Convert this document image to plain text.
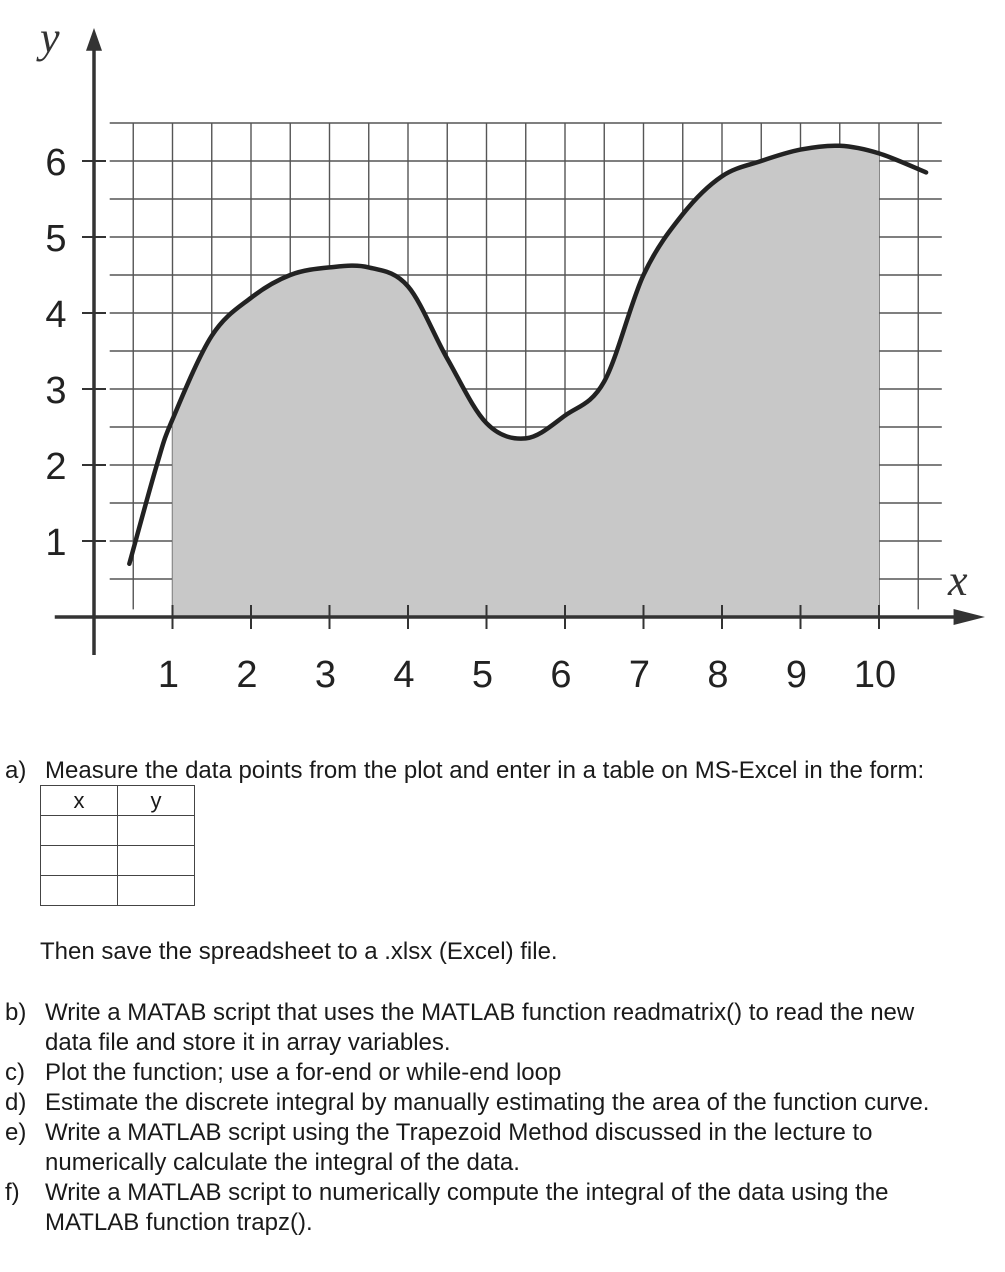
1 2 3 4 5 6 7 8 9 10
1
2
3
4
5
6
y
x
a) Measure the data points from the plot and enter in a table on MS-Excel in the form:
x	y

Then save the spreadsheet to a .xlsx (Excel) file.
b) Write a MATAB script that uses the MATLAB function readmatrix() to read the new
data file and store it in array variables.
c) Plot the function; use a for-end or while-end loop
d) Estimate the discrete integral by manually estimating the area of the function curve.
e) Write a MATLAB script using the Trapezoid Method discussed in the lecture to
numerically calculate the integral of the data.
f) Write a MATLAB script to numerically compute the integral of the data using the
MATLAB function trapz().
